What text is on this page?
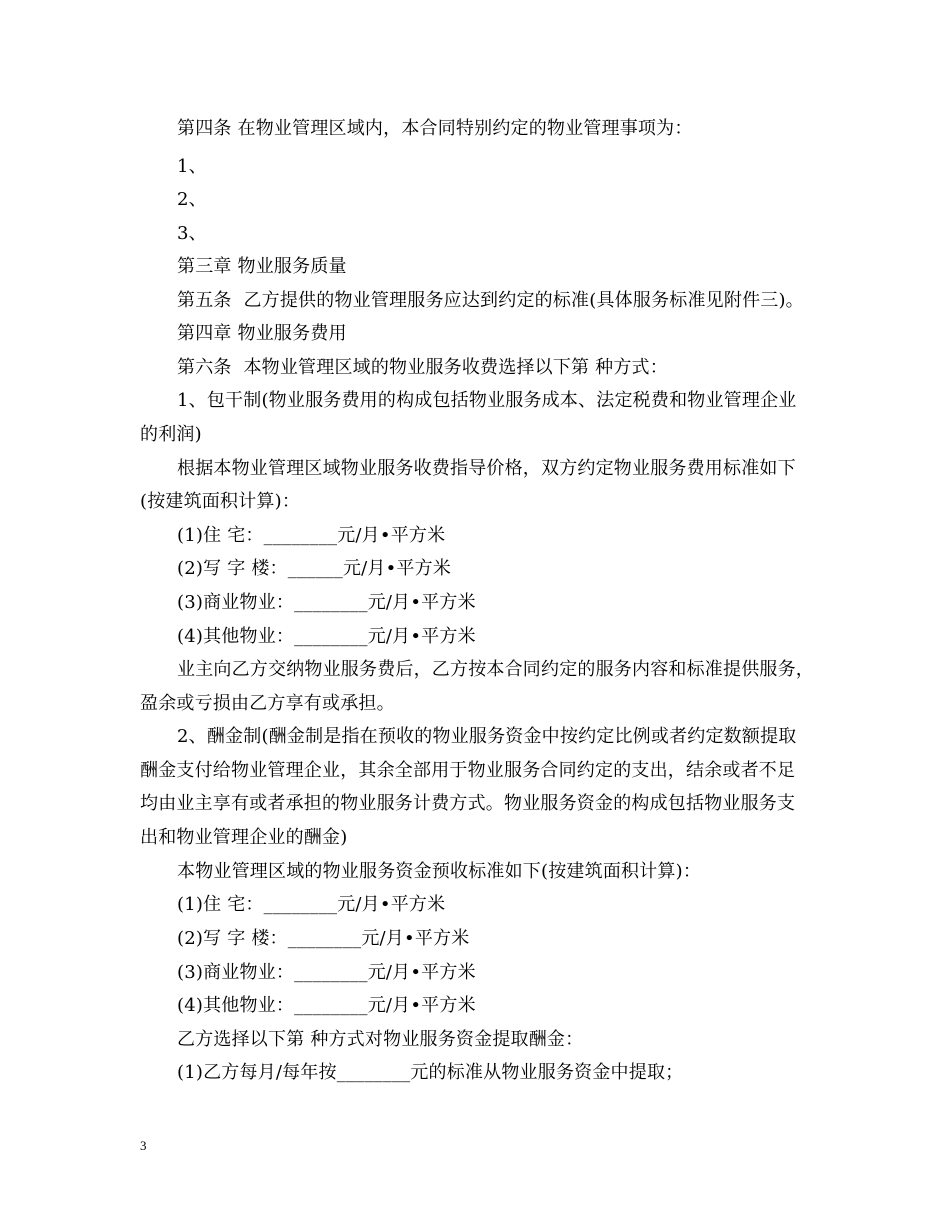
第四条 在物业管理区域内，本合同特别约定的物业管理事项为：
1、
2、
3、
第三章 物业服务质量
第五条  乙方提供的物业管理服务应达到约定的标准(具体服务标准见附件三)。
第四章 物业服务费用
第六条  本物业管理区域的物业服务收费选择以下第 种方式：
1、包干制(物业服务费用的构成包括物业服务成本、法定税费和物业管理企业
的利润)
根据本物业管理区域物业服务收费指导价格，双方约定物业服务费用标准如下
(按建筑面积计算)：
(1)住 宅：________元/月•平方米
(2)写 字 楼：______元/月•平方米
(3)商业物业：________元/月•平方米
(4)其他物业：________元/月•平方米
业主向乙方交纳物业服务费后，乙方按本合同约定的服务内容和标准提供服务，
盈余或亏损由乙方享有或承担。
2、酬金制(酬金制是指在预收的物业服务资金中按约定比例或者约定数额提取
酬金支付给物业管理企业，其余全部用于物业服务合同约定的支出，结余或者不足
均由业主享有或者承担的物业服务计费方式。物业服务资金的构成包括物业服务支
出和物业管理企业的酬金)
本物业管理区域的物业服务资金预收标准如下(按建筑面积计算)：
(1)住 宅：________元/月•平方米
(2)写 字 楼：________元/月•平方米
(3)商业物业：________元/月•平方米
(4)其他物业：________元/月•平方米
乙方选择以下第 种方式对物业服务资金提取酬金：
(1)乙方每月/每年按________元的标准从物业服务资金中提取；
3
